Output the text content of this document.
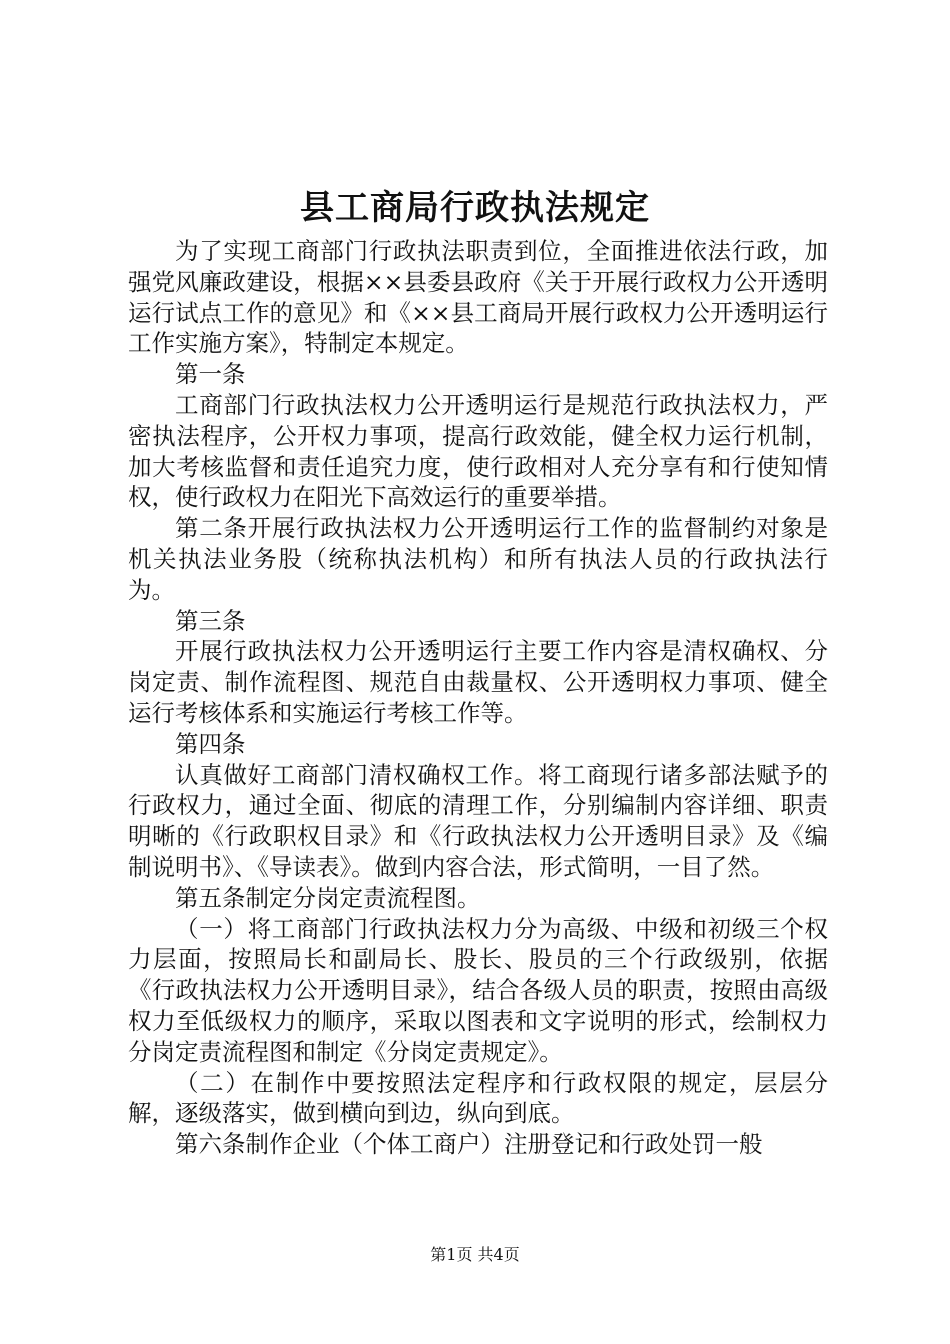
县工商局行政执法规定

为了实现工商部门行政执法职责到位，全面推进依法行政，加强党风廉政建设，根据××县委县政府《关于开展行政权力公开透明运行试点工作的意见》和《××县工商局开展行政权力公开透明运行工作实施方案》，特制定本规定。

第一条

工商部门行政执法权力公开透明运行是规范行政执法权力，严密执法程序，公开权力事项，提高行政效能，健全权力运行机制，加大考核监督和责任追究力度，使行政相对人充分享有和行使知情权，使行政权力在阳光下高效运行的重要举措。

第二条开展行政执法权力公开透明运行工作的监督制约对象是机关执法业务股（统称执法机构）和所有执法人员的行政执法行为。

第三条

开展行政执法权力公开透明运行主要工作内容是清权确权、分岗定责、制作流程图、规范自由裁量权、公开透明权力事项、健全运行考核体系和实施运行考核工作等。

第四条

认真做好工商部门清权确权工作。将工商现行诸多部法赋予的行政权力，通过全面、彻底的清理工作，分别编制内容详细、职责明晰的《行政职权目录》和《行政执法权力公开透明目录》及《编制说明书》、《导读表》。做到内容合法，形式简明，一目了然。

第五条制定分岗定责流程图。

（一）将工商部门行政执法权力分为高级、中级和初级三个权力层面，按照局长和副局长、股长、股员的三个行政级别，依据《行政执法权力公开透明目录》，结合各级人员的职责，按照由高级权力至低级权力的顺序，采取以图表和文字说明的形式，绘制权力分岗定责流程图和制定《分岗定责规定》。

（二）在制作中要按照法定程序和行政权限的规定，层层分解，逐级落实，做到横向到边，纵向到底。

第六条制作企业（个体工商户）注册登记和行政处罚一般

第1页 共4页
